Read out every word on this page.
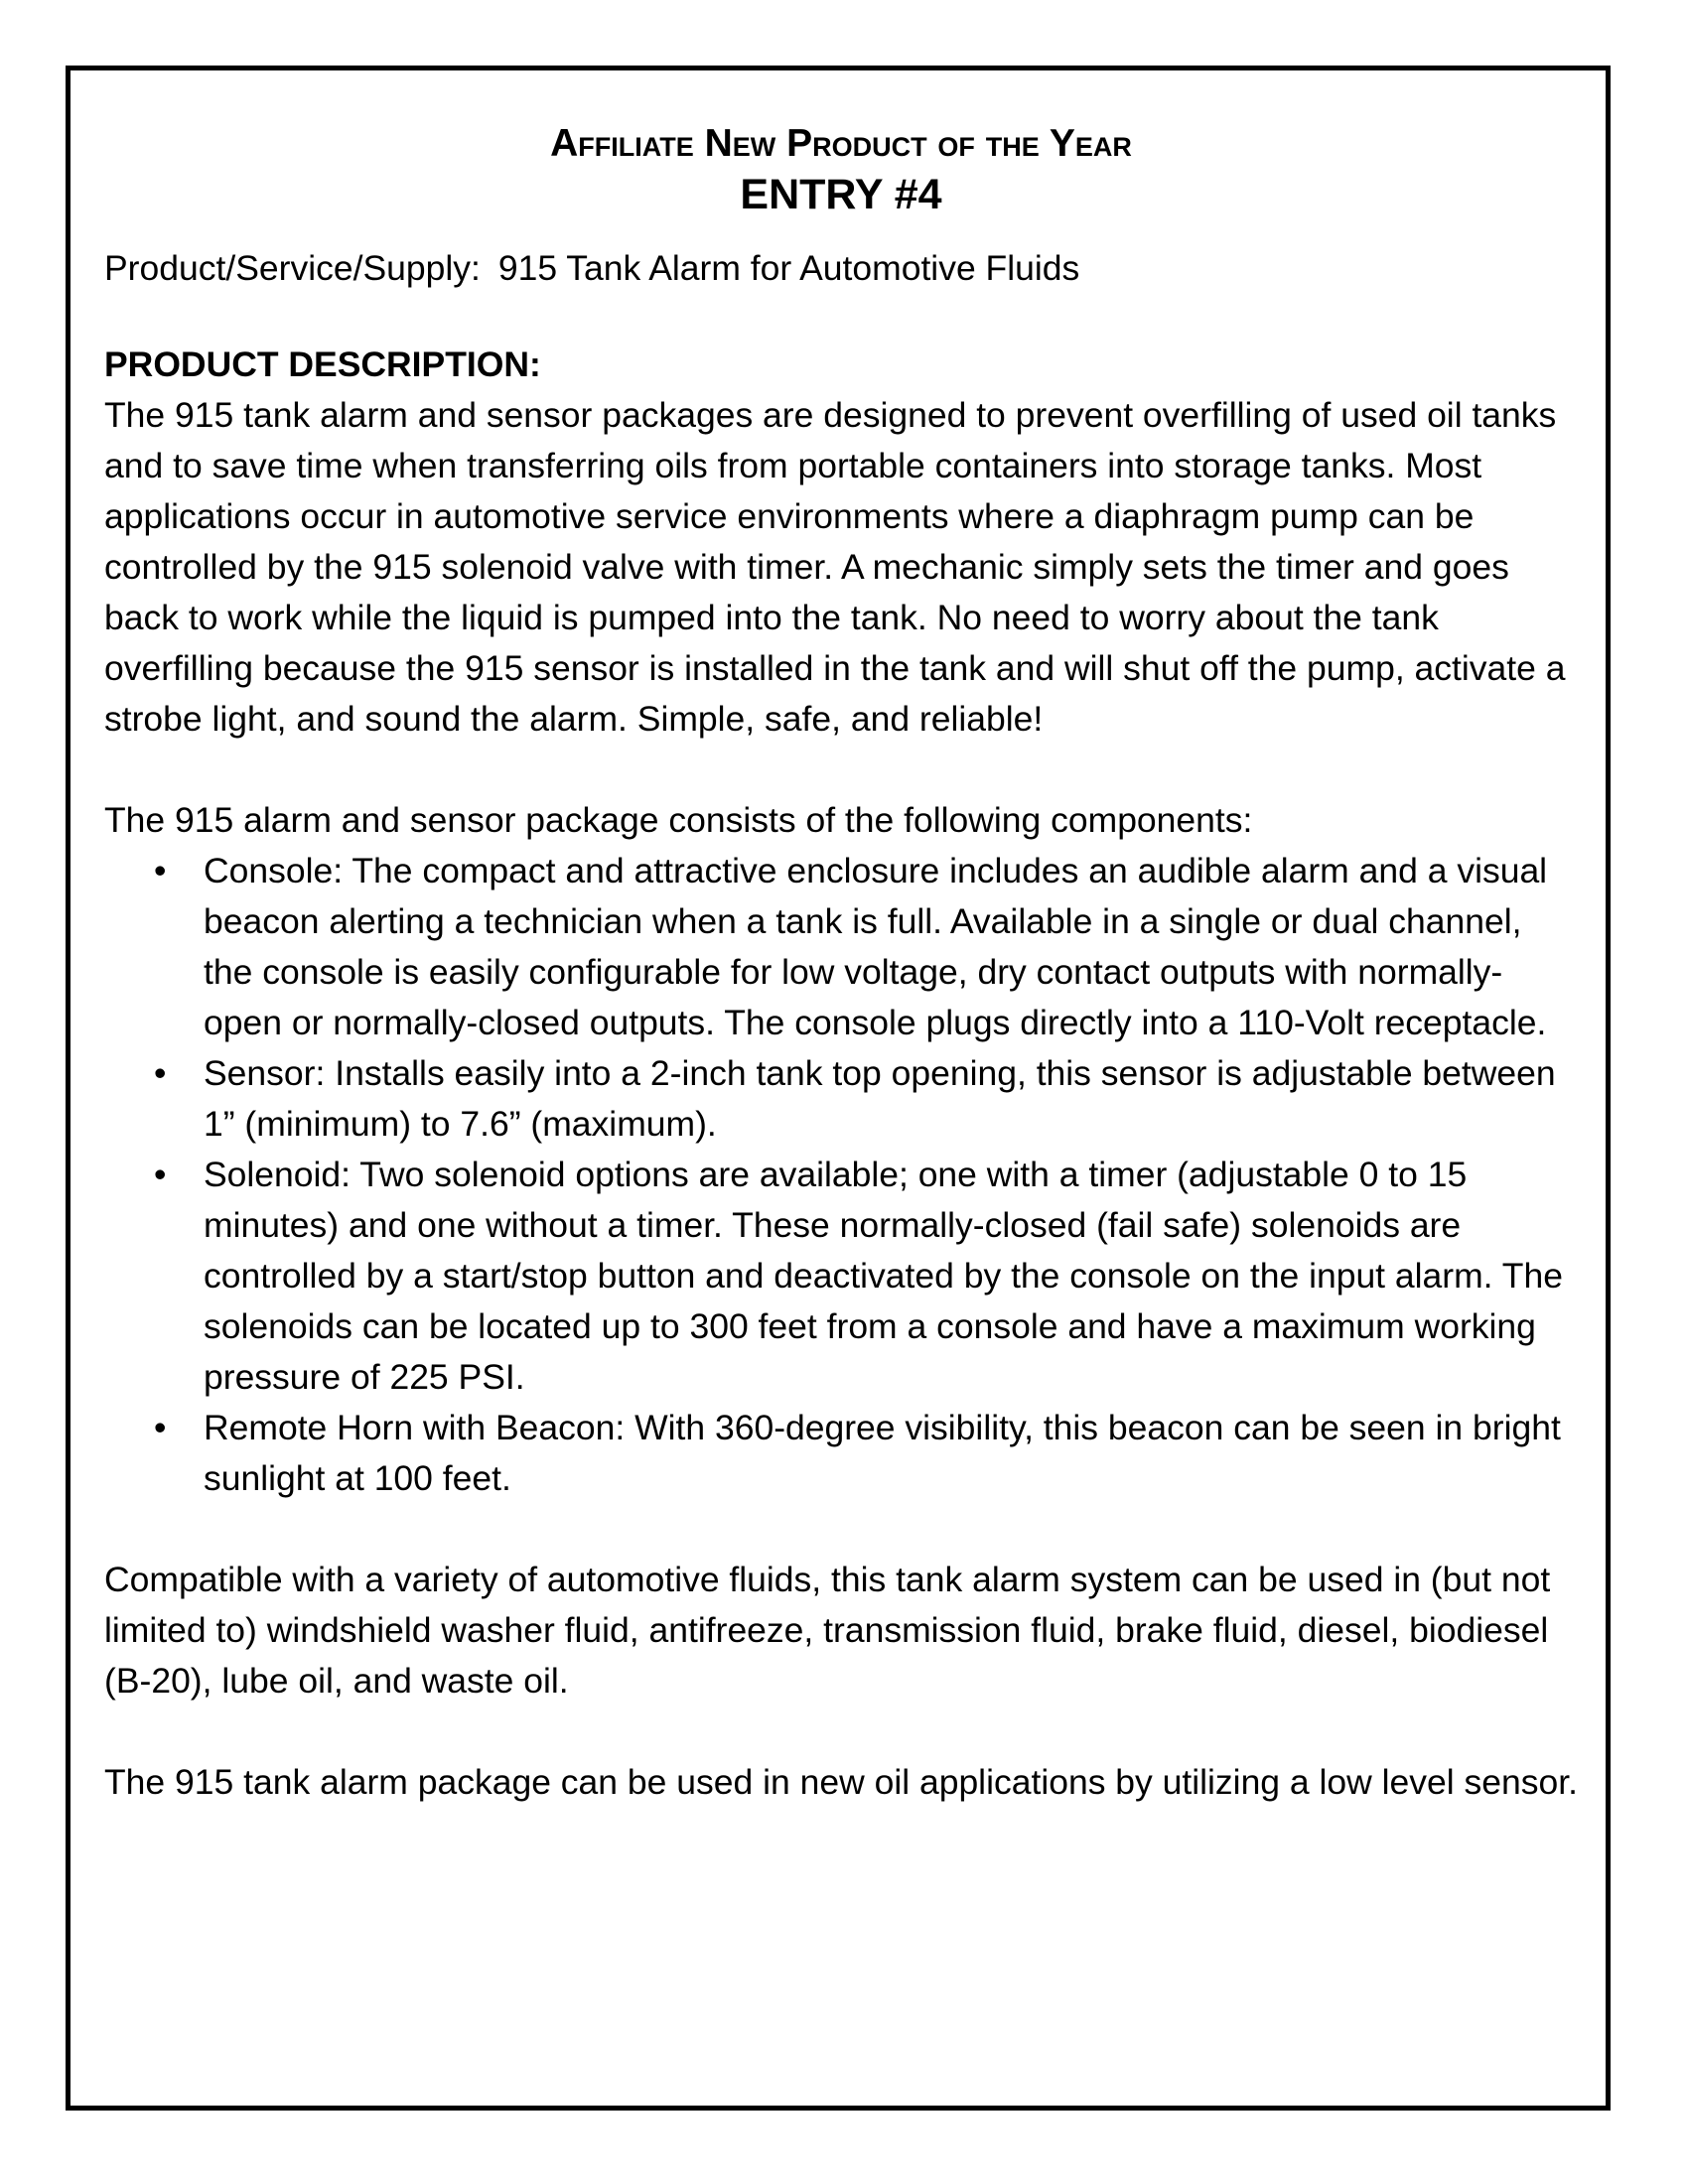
Affiliate New Product of the Year
ENTRY #4

Product/Service/Supply: 915 Tank Alarm for Automotive Fluids

PRODUCT DESCRIPTION:

The 915 tank alarm and sensor packages are designed to prevent overfilling of used oil tanks and to save time when transferring oils from portable containers into storage tanks. Most applications occur in automotive service environments where a diaphragm pump can be controlled by the 915 solenoid valve with timer. A mechanic simply sets the timer and goes back to work while the liquid is pumped into the tank. No need to worry about the tank overfilling because the 915 sensor is installed in the tank and will shut off the pump, activate a strobe light, and sound the alarm. Simple, safe, and reliable!

The 915 alarm and sensor package consists of the following components:

• Console: The compact and attractive enclosure includes an audible alarm and a visual beacon alerting a technician when a tank is full. Available in a single or dual channel, the console is easily configurable for low voltage, dry contact outputs with normally-open or normally-closed outputs. The console plugs directly into a 110-Volt receptacle.
• Sensor: Installs easily into a 2-inch tank top opening, this sensor is adjustable between 1” (minimum) to 7.6” (maximum).
• Solenoid: Two solenoid options are available; one with a timer (adjustable 0 to 15 minutes) and one without a timer. These normally-closed (fail safe) solenoids are controlled by a start/stop button and deactivated by the console on the input alarm. The solenoids can be located up to 300 feet from a console and have a maximum working pressure of 225 PSI.
• Remote Horn with Beacon: With 360-degree visibility, this beacon can be seen in bright sunlight at 100 feet.

Compatible with a variety of automotive fluids, this tank alarm system can be used in (but not limited to) windshield washer fluid, antifreeze, transmission fluid, brake fluid, diesel, biodiesel (B-20), lube oil, and waste oil.

The 915 tank alarm package can be used in new oil applications by utilizing a low level sensor.
